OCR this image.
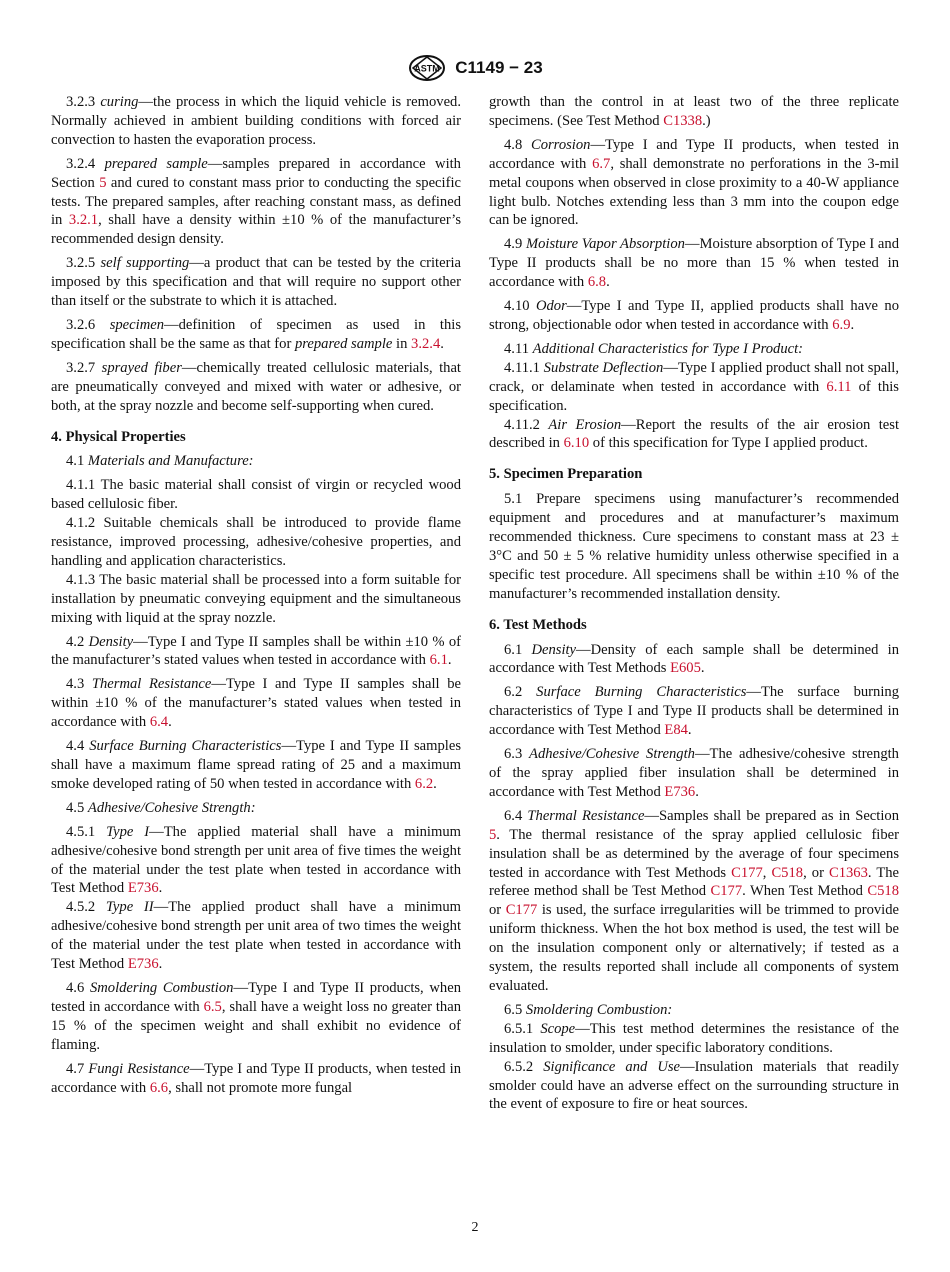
ASTM C1149 − 23

3.2.3 curing—the process in which the liquid vehicle is removed. Normally achieved in ambient building conditions with forced air convection to hasten the evaporation process.

3.2.4 prepared sample—samples prepared in accordance with Section 5 and cured to constant mass prior to conducting the specific tests. The prepared samples, after reaching constant mass, as defined in 3.2.1, shall have a density within ±10 % of the manufacturer’s recommended design density.

3.2.5 self supporting—a product that can be tested by the criteria imposed by this specification and that will require no support other than itself or the substrate to which it is attached.

3.2.6 specimen—definition of specimen as used in this specification shall be the same as that for prepared sample in 3.2.4.

3.2.7 sprayed fiber—chemically treated cellulosic materials, that are pneumatically conveyed and mixed with water or adhesive, or both, at the spray nozzle and become self-supporting when cured.

4. Physical Properties

4.1 Materials and Manufacture:

4.1.1 The basic material shall consist of virgin or recycled wood based cellulosic fiber.

4.1.2 Suitable chemicals shall be introduced to provide flame resistance, improved processing, adhesive/cohesive properties, and handling and application characteristics.

4.1.3 The basic material shall be processed into a form suitable for installation by pneumatic conveying equipment and the simultaneous mixing with liquid at the spray nozzle.

4.2 Density—Type I and Type II samples shall be within ±10 % of the manufacturer’s stated values when tested in accordance with 6.1.

4.3 Thermal Resistance—Type I and Type II samples shall be within ±10 % of the manufacturer’s stated values when tested in accordance with 6.4.

4.4 Surface Burning Characteristics—Type I and Type II samples shall have a maximum flame spread rating of 25 and a maximum smoke developed rating of 50 when tested in accordance with 6.2.

4.5 Adhesive/Cohesive Strength:

4.5.1 Type I—The applied material shall have a minimum adhesive/cohesive bond strength per unit area of five times the weight of the material under the test plate when tested in accordance with Test Method E736.

4.5.2 Type II—The applied product shall have a minimum adhesive/cohesive bond strength per unit area of two times the weight of the material under the test plate when tested in accordance with Test Method E736.

4.6 Smoldering Combustion—Type I and Type II products, when tested in accordance with 6.5, shall have a weight loss no greater than 15 % of the specimen weight and shall exhibit no evidence of flaming.

4.7 Fungi Resistance—Type I and Type II products, when tested in accordance with 6.6, shall not promote more fungal

growth than the control in at least two of the three replicate specimens. (See Test Method C1338.)

4.8 Corrosion—Type I and Type II products, when tested in accordance with 6.7, shall demonstrate no perforations in the 3-mil metal coupons when observed in close proximity to a 40-W appliance light bulb. Notches extending less than 3 mm into the coupon edge can be ignored.

4.9 Moisture Vapor Absorption—Moisture absorption of Type I and Type II products shall be no more than 15 % when tested in accordance with 6.8.

4.10 Odor—Type I and Type II, applied products shall have no strong, objectionable odor when tested in accordance with 6.9.

4.11 Additional Characteristics for Type I Product:

4.11.1 Substrate Deflection—Type I applied product shall not spall, crack, or delaminate when tested in accordance with 6.11 of this specification.

4.11.2 Air Erosion—Report the results of the air erosion test described in 6.10 of this specification for Type I applied product.

5. Specimen Preparation

5.1 Prepare specimens using manufacturer’s recommended equipment and procedures and at manufacturer’s maximum recommended thickness. Cure specimens to constant mass at 23 ± 3°C and 50 ± 5 % relative humidity unless otherwise specified in a specific test procedure. All specimens shall be within ±10 % of the manufacturer’s recommended installation density.

6. Test Methods

6.1 Density—Density of each sample shall be determined in accordance with Test Methods E605.

6.2 Surface Burning Characteristics—The surface burning characteristics of Type I and Type II products shall be determined in accordance with Test Method E84.

6.3 Adhesive/Cohesive Strength—The adhesive/cohesive strength of the spray applied fiber insulation shall be determined in accordance with Test Method E736.

6.4 Thermal Resistance—Samples shall be prepared as in Section 5. The thermal resistance of the spray applied cellulosic fiber insulation shall be as determined by the average of four specimens tested in accordance with Test Methods C177, C518, or C1363. The referee method shall be Test Method C177. When Test Method C518 or C177 is used, the surface irregularities will be trimmed to provide uniform thickness. When the hot box method is used, the test will be on the insulation component only or alternatively; if tested as a system, the results reported shall include all components of system evaluated.

6.5 Smoldering Combustion:

6.5.1 Scope—This test method determines the resistance of the insulation to smolder, under specific laboratory conditions.

6.5.2 Significance and Use—Insulation materials that readily smolder could have an adverse effect on the surrounding structure in the event of exposure to fire or heat sources.

2
